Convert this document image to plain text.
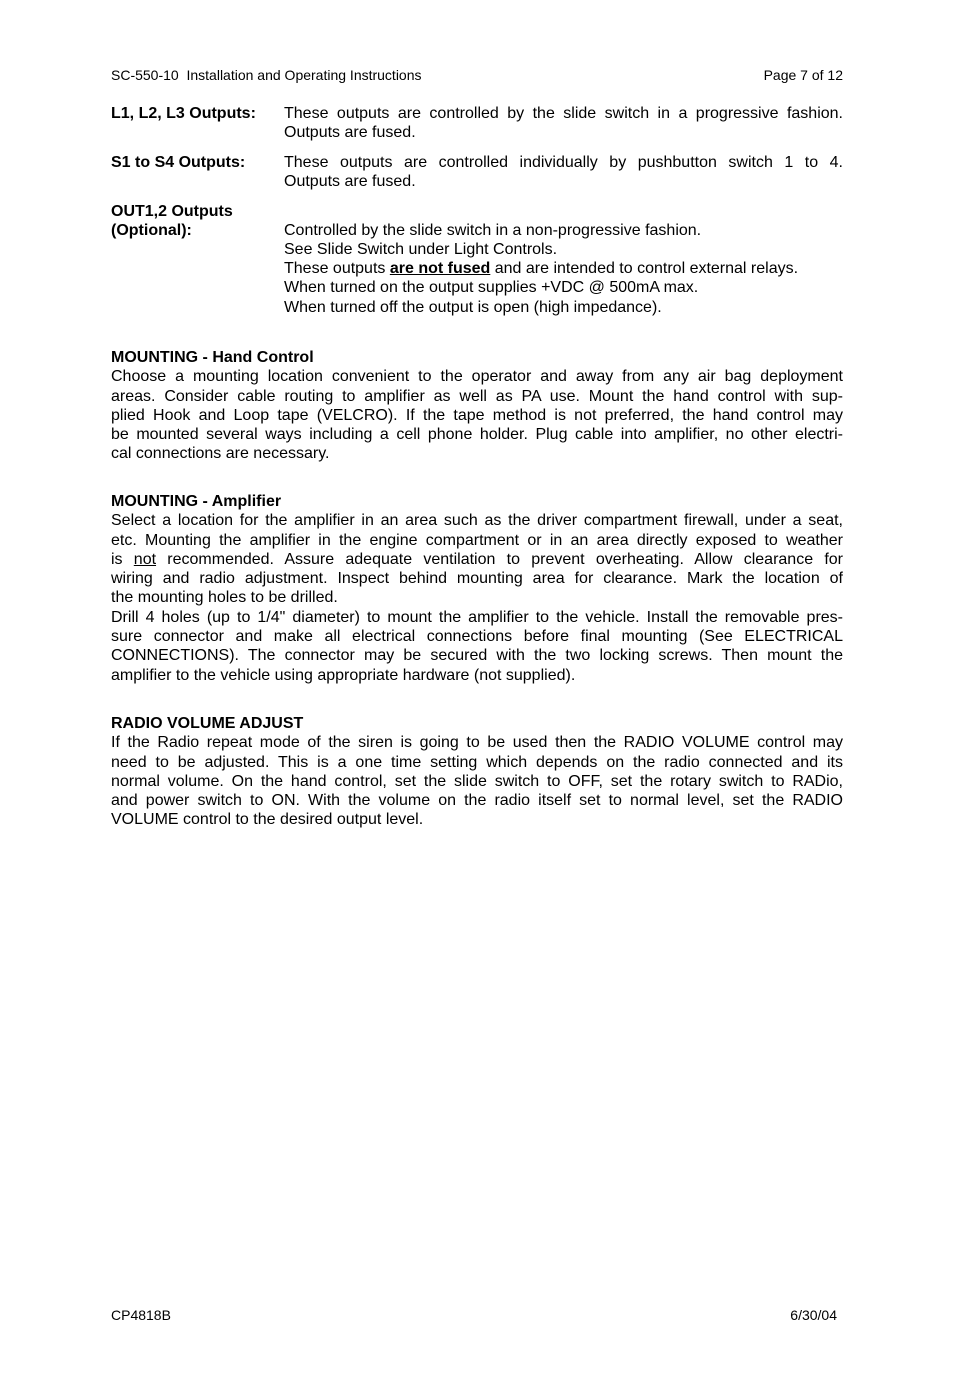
SC-550-10  Installation and Operating Instructions	Page 7 of 12
L1, L2, L3 Outputs:	These outputs are controlled by the slide switch in a progressive fashion.
Outputs are fused.
S1 to S4 Outputs:	These outputs are controlled individually by pushbutton switch 1 to 4.
Outputs are fused.
OUT1,2 Outputs
(Optional):	Controlled by the slide switch in a non-progressive fashion.
See Slide Switch under Light Controls.
These outputs are not fused and are intended to control external relays.
When turned on the output supplies +VDC @ 500mA max.
When turned off the output is open (high impedance).
MOUNTING - Hand Control

Choose a mounting location convenient to the operator and away from any air bag deployment
areas. Consider cable routing to amplifier as well as PA use. Mount the hand control with sup-
plied Hook and Loop tape (VELCRO). If the tape method is not preferred, the hand control may
be mounted several ways including a cell phone holder. Plug cable into amplifier, no other electri-
cal connections are necessary.

MOUNTING - Amplifier

Select a location for the amplifier in an area such as the driver compartment firewall, under a seat,
etc. Mounting the amplifier in the engine compartment or in an area directly exposed to weather
is not recommended. Assure adequate ventilation to prevent overheating. Allow clearance for
wiring and radio adjustment. Inspect behind mounting area for clearance. Mark the location of
the mounting holes to be drilled.
Drill 4 holes (up to 1/4" diameter) to mount the amplifier to the vehicle. Install the removable pres-
sure connector and make all electrical connections before final mounting (See ELECTRICAL
CONNECTIONS). The connector may be secured with the two locking screws. Then mount the
amplifier to the vehicle using appropriate hardware (not supplied).

RADIO VOLUME ADJUST

If the Radio repeat mode of the siren is going to be used then the RADIO VOLUME control may
need to be adjusted. This is a one time setting which depends on the radio connected and its
normal volume. On the hand control, set the slide switch to OFF, set the rotary switch to RADio,
and power switch to ON. With the volume on the radio itself set to normal level, set the RADIO
VOLUME control to the desired output level.

CP4818B	6/30/04
